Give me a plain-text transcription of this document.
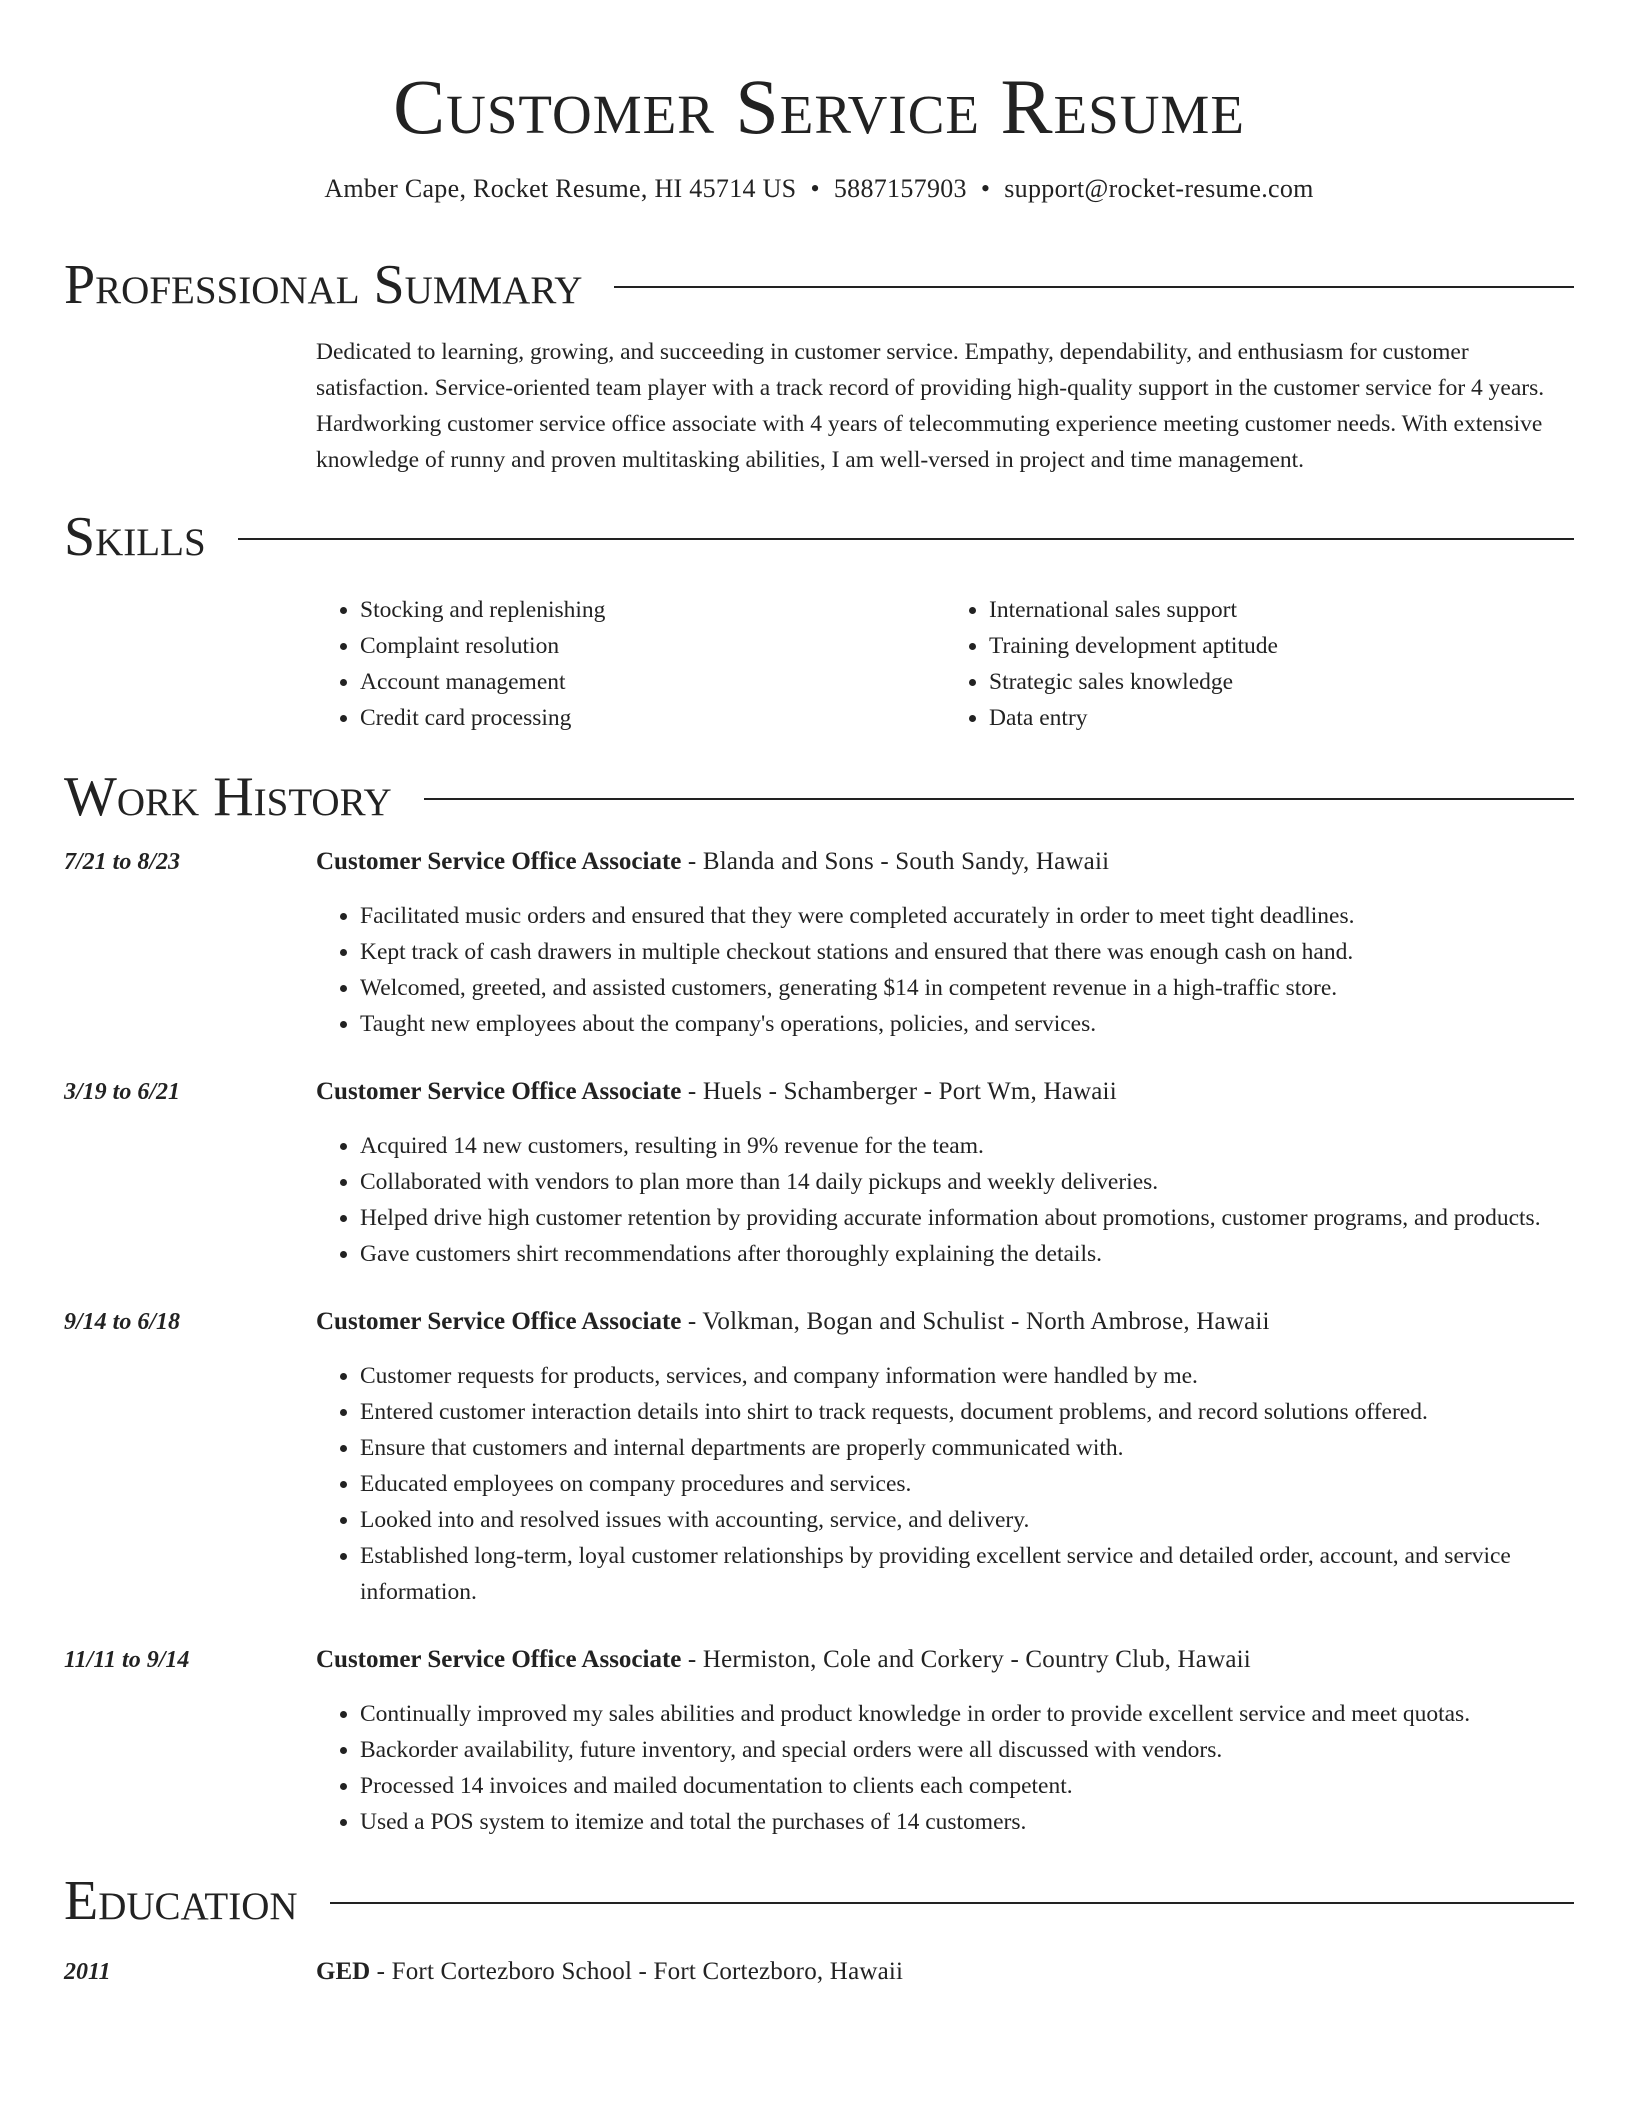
Customer Service Resume
Amber Cape, Rocket Resume, HI 45714 US • 5887157903 • support@rocket-resume.com
Professional Summary

Dedicated to learning, growing, and succeeding in customer service. Empathy, dependability, and enthusiasm for customer satisfaction. Service-oriented team player with a track record of providing high-quality support in the customer service for 4 years. Hardworking customer service office associate with 4 years of telecommuting experience meeting customer needs. With extensive knowledge of runny and proven multitasking abilities, I am well-versed in project and time management.

Skills
• Stocking and replenishing
• Complaint resolution
• Account management
• Credit card processing
• International sales support
• Training development aptitude
• Strategic sales knowledge
• Data entry
Work History
7/21 to 8/23	Customer Service Office Associate - Blanda and Sons - South Sandy, Hawaii
• Facilitated music orders and ensured that they were completed accurately in order to meet tight deadlines.
• Kept track of cash drawers in multiple checkout stations and ensured that there was enough cash on hand.
• Welcomed, greeted, and assisted customers, generating $14 in competent revenue in a high-traffic store.
• Taught new employees about the company's operations, policies, and services.
3/19 to 6/21	Customer Service Office Associate - Huels - Schamberger - Port Wm, Hawaii
• Acquired 14 new customers, resulting in 9% revenue for the team.
• Collaborated with vendors to plan more than 14 daily pickups and weekly deliveries.
• Helped drive high customer retention by providing accurate information about promotions, customer programs, and products.
• Gave customers shirt recommendations after thoroughly explaining the details.
9/14 to 6/18	Customer Service Office Associate - Volkman, Bogan and Schulist - North Ambrose, Hawaii
• Customer requests for products, services, and company information were handled by me.
• Entered customer interaction details into shirt to track requests, document problems, and record solutions offered.
• Ensure that customers and internal departments are properly communicated with.
• Educated employees on company procedures and services.
• Looked into and resolved issues with accounting, service, and delivery.
• Established long-term, loyal customer relationships by providing excellent service and detailed order, account, and service information.
11/11 to 9/14	Customer Service Office Associate - Hermiston, Cole and Corkery - Country Club, Hawaii
• Continually improved my sales abilities and product knowledge in order to provide excellent service and meet quotas.
• Backorder availability, future inventory, and special orders were all discussed with vendors.
• Processed 14 invoices and mailed documentation to clients each competent.
• Used a POS system to itemize and total the purchases of 14 customers.
Education
2011	GED - Fort Cortezboro School - Fort Cortezboro, Hawaii
